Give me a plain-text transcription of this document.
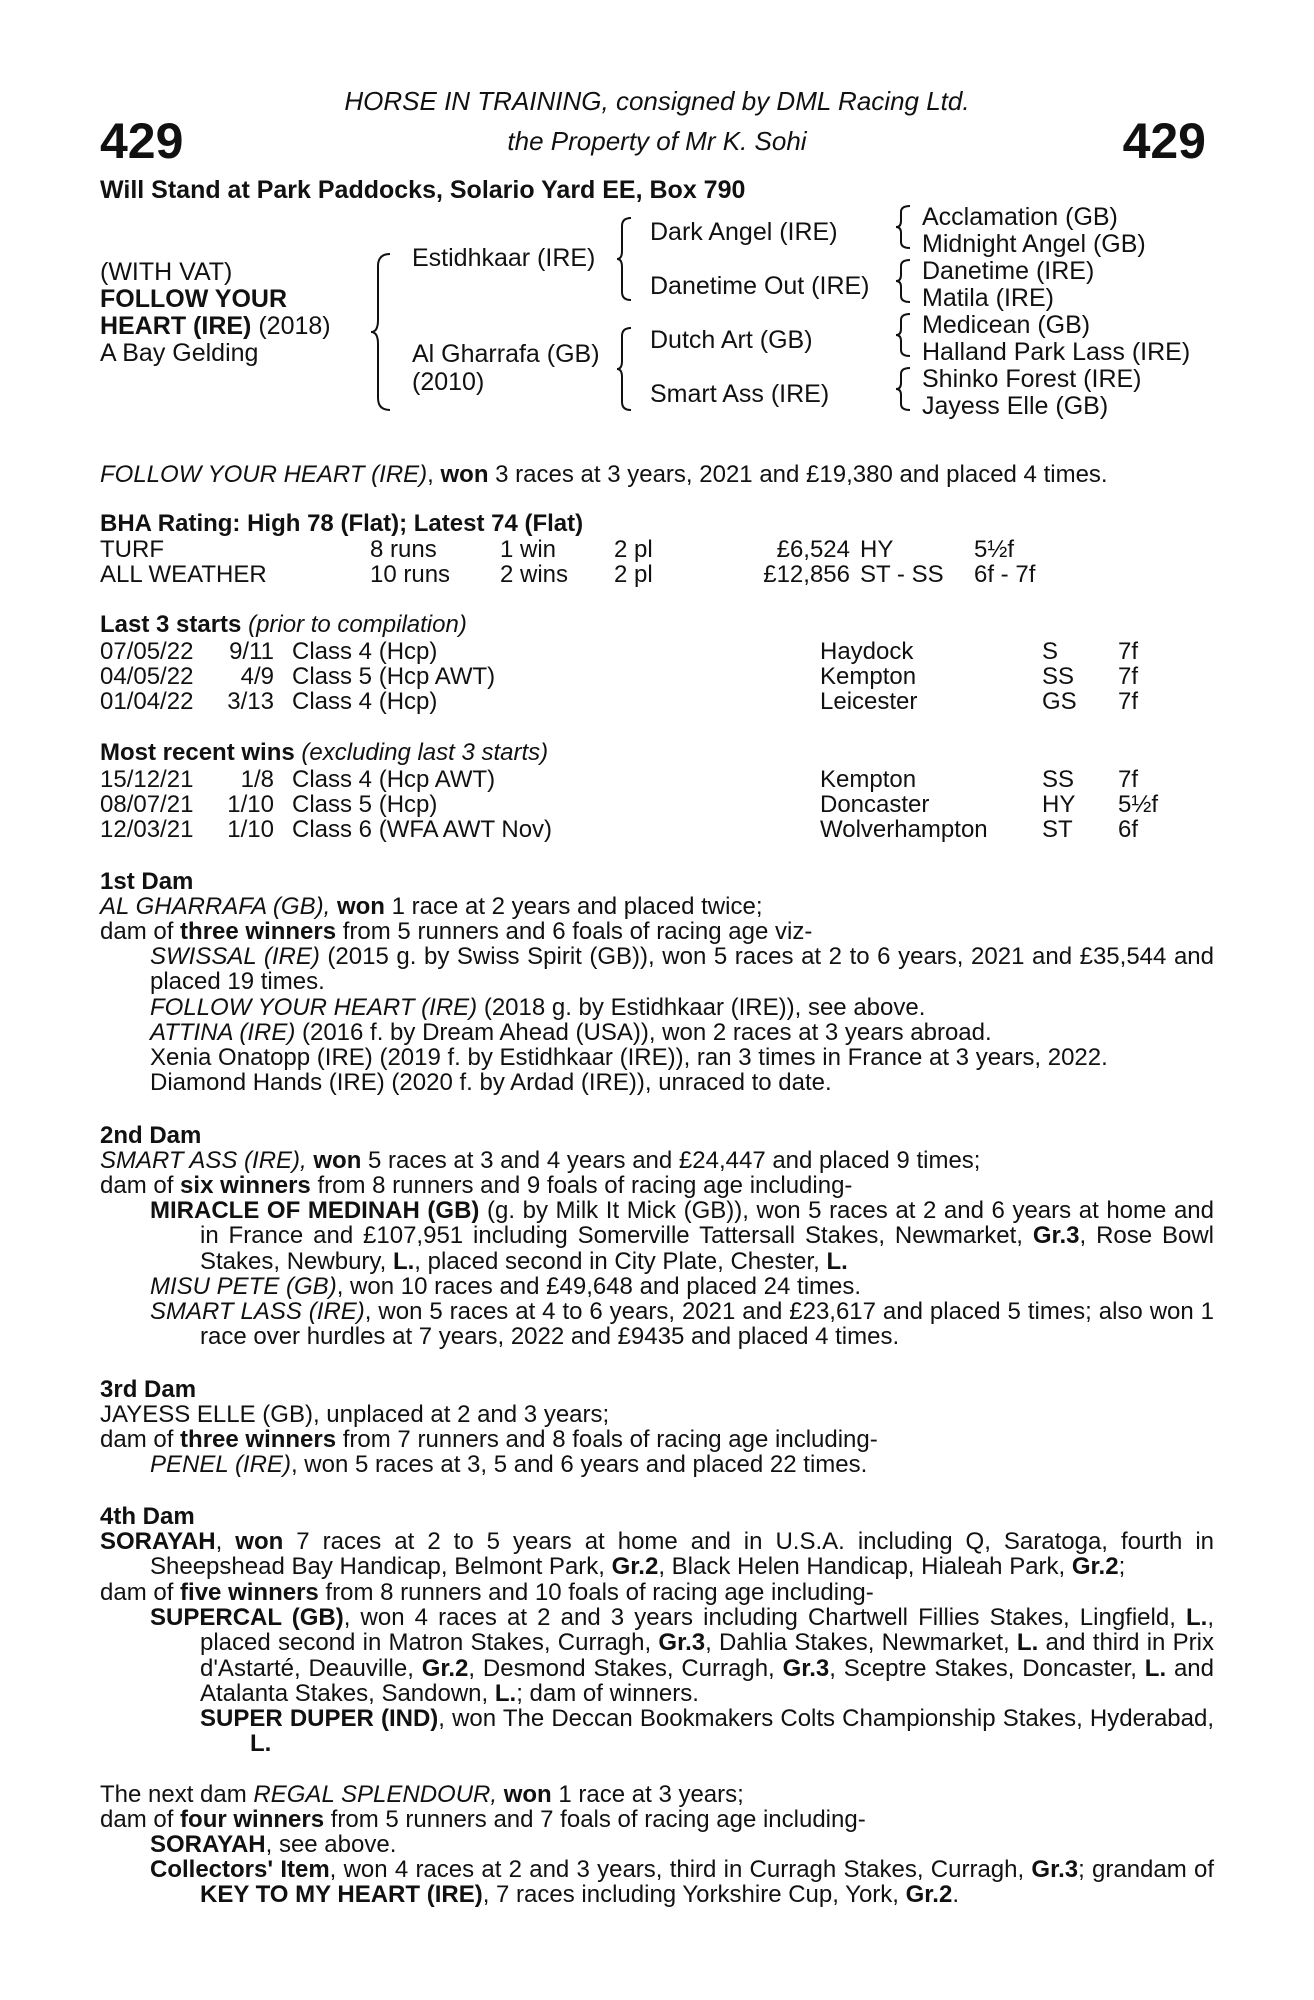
429	429
HORSE IN TRAINING, consigned by DML Racing Ltd.
the Property of Mr K. Sohi
Will Stand at Park Paddocks, Solario Yard EE, Box 790
(WITH VAT)
FOLLOW YOUR
HEART (IRE) (2018)
A Bay Gelding
Estidhkaar (IRE)
Al Gharrafa (GB)
(2010)
Dark Angel (IRE)
Danetime Out (IRE)
Dutch Art (GB)
Smart Ass (IRE)
Acclamation (GB)
Midnight Angel (GB)
Danetime (IRE)
Matila (IRE)
Medicean (GB)
Halland Park Lass (IRE)
Shinko Forest (IRE)
Jayess Elle (GB)
FOLLOW YOUR HEART (IRE), won 3 races at 3 years, 2021 and £19,380 and placed 4 times.
BHA Rating: High 78 (Flat); Latest 74 (Flat)
TURF	8 runs	1 win 2 pl	£6,524 HY	5½f
ALL WEATHER	10 runs 2 wins 2 pl	£12,856 ST - SS 6f - 7f
Last 3 starts (prior to compilation)
07/05/22	9/11 Class 4 (Hcp)	Haydock	S 7f
04/05/22	4/9 Class 5 (Hcp AWT)	Kempton	SS 7f
01/04/22	3/13 Class 4 (Hcp)	Leicester	GS 7f
Most recent wins (excluding last 3 starts)
15/12/21	1/8 Class 4 (Hcp AWT)	Kempton	SS 7f
08/07/21	1/10 Class 5 (Hcp)	Doncaster	HY 5½f
12/03/21	1/10 Class 6 (WFA AWT Nov)	Wolverhampton ST 6f
1st Dam
AL GHARRAFA (GB), won 1 race at 2 years and placed twice;
dam of three winners from 5 runners and 6 foals of racing age viz-
SWISSAL (IRE) (2015 g. by Swiss Spirit (GB)), won 5 races at 2 to 6 years, 2021 and £35,544 and placed 19 times.
FOLLOW YOUR HEART (IRE) (2018 g. by Estidhkaar (IRE)), see above.
ATTINA (IRE) (2016 f. by Dream Ahead (USA)), won 2 races at 3 years abroad.
Xenia Onatopp (IRE) (2019 f. by Estidhkaar (IRE)), ran 3 times in France at 3 years, 2022.
Diamond Hands (IRE) (2020 f. by Ardad (IRE)), unraced to date.
2nd Dam
SMART ASS (IRE), won 5 races at 3 and 4 years and £24,447 and placed 9 times;
dam of six winners from 8 runners and 9 foals of racing age including-
MIRACLE OF MEDINAH (GB) (g. by Milk It Mick (GB)), won 5 races at 2 and 6 years at home and in France and £107,951 including Somerville Tattersall Stakes, Newmarket, Gr.3, Rose Bowl Stakes, Newbury, L., placed second in City Plate, Chester, L.
MISU PETE (GB), won 10 races and £49,648 and placed 24 times.
SMART LASS (IRE), won 5 races at 4 to 6 years, 2021 and £23,617 and placed 5 times; also won 1 race over hurdles at 7 years, 2022 and £9435 and placed 4 times.
3rd Dam
JAYESS ELLE (GB), unplaced at 2 and 3 years;
dam of three winners from 7 runners and 8 foals of racing age including-
PENEL (IRE), won 5 races at 3, 5 and 6 years and placed 22 times.
4th Dam
SORAYAH, won 7 races at 2 to 5 years at home and in U.S.A. including Q, Saratoga, fourth in Sheepshead Bay Handicap, Belmont Park, Gr.2, Black Helen Handicap, Hialeah Park, Gr.2;
dam of five winners from 8 runners and 10 foals of racing age including-
SUPERCAL (GB), won 4 races at 2 and 3 years including Chartwell Fillies Stakes, Lingfield, L., placed second in Matron Stakes, Curragh, Gr.3, Dahlia Stakes, Newmarket, L. and third in Prix d'Astarté, Deauville, Gr.2, Desmond Stakes, Curragh, Gr.3, Sceptre Stakes, Doncaster, L. and Atalanta Stakes, Sandown, L.; dam of winners.
SUPER DUPER (IND), won The Deccan Bookmakers Colts Championship Stakes, Hyderabad, L.
The next dam REGAL SPLENDOUR, won 1 race at 3 years;
dam of four winners from 5 runners and 7 foals of racing age including-
SORAYAH, see above.
Collectors' Item, won 4 races at 2 and 3 years, third in Curragh Stakes, Curragh, Gr.3; grandam of KEY TO MY HEART (IRE), 7 races including Yorkshire Cup, York, Gr.2.
